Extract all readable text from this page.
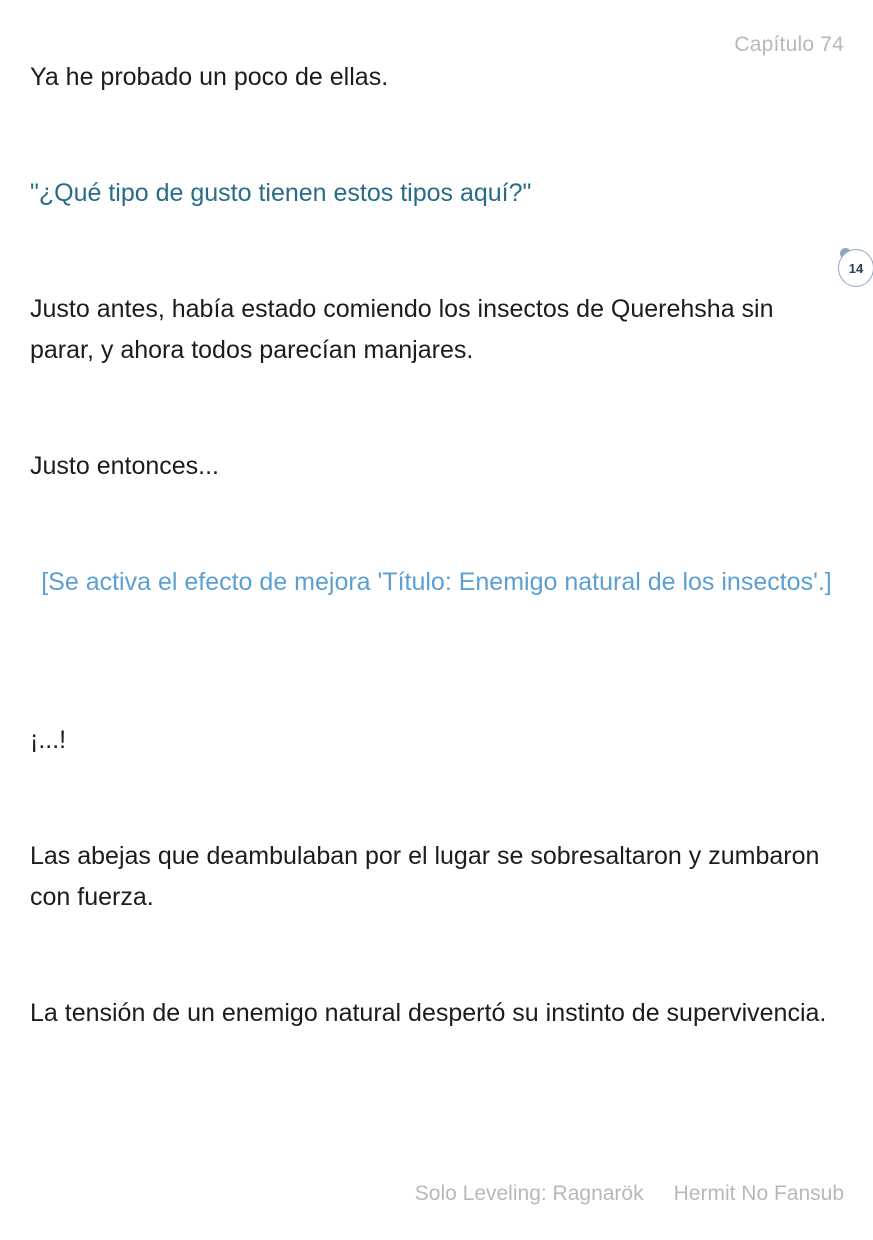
Capítulo 74

Ya he probado un poco de ellas.

"¿Qué tipo de gusto tienen estos tipos aquí?"

14

Justo antes, había estado comiendo los insectos de Querehsha sin parar, y ahora todos parecían manjares.

Justo entonces...

[Se activa el efecto de mejora 'Título: Enemigo natural de los insectos'.]

¡...!

Las abejas que deambulaban por el lugar se sobresaltaron y zumbaron con fuerza.

La tensión de un enemigo natural despertó su instinto de supervivencia.

Solo Leveling: Ragnarök Hermit No Fansub
